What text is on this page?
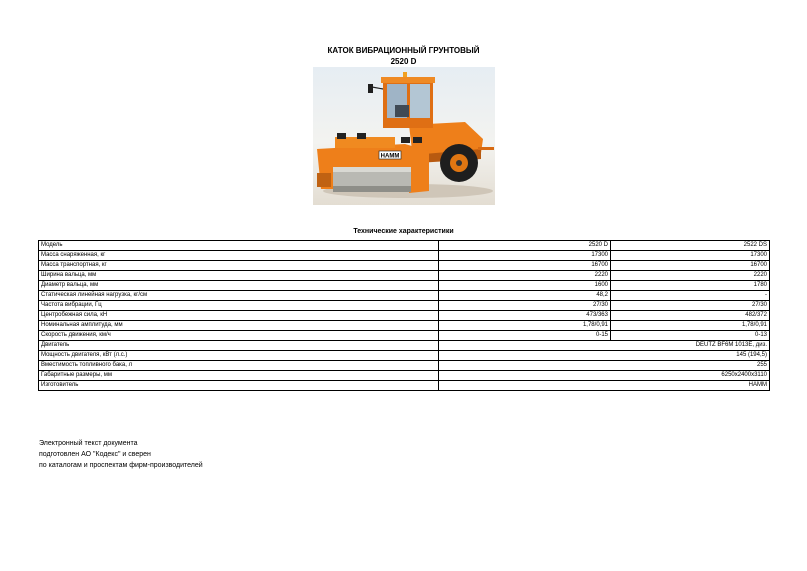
КАТОК ВИБРАЦИОННЫЙ ГРУНТОВЫЙ
2520 D
HAMM
Технические характеристики
Модель	2520 D	2522 DS
Масса снаряженная, кг	17300	17300
Масса транспортная, кг	16700	16700
Ширина вальца, мм	2220	2220
Диаметр вальца, мм	1600	1780
Статическая линейная нагрузка, кг/см	48,2	-
Частота вибрации, Гц	27/30	27/30
Центробежная сила, кН	473/363	482/372
Номинальная амплитуда, мм	1,78/0,91	1,78/0,91
Скорость движения, км/ч	0-15	0-13
Двигатель	DEUTZ BF6M 1013E, диз.	
Мощность двигателя, кВт (л.с.)	145 (194,5)	
Вместимость топливного бака, л	255	
Габаритные размеры, мм	6250х2400х3110	
Изготовитель	HAMM	
Электронный текст документа
подготовлен АО "Кодекс" и сверен
по каталогам и проспектам фирм-производителей
